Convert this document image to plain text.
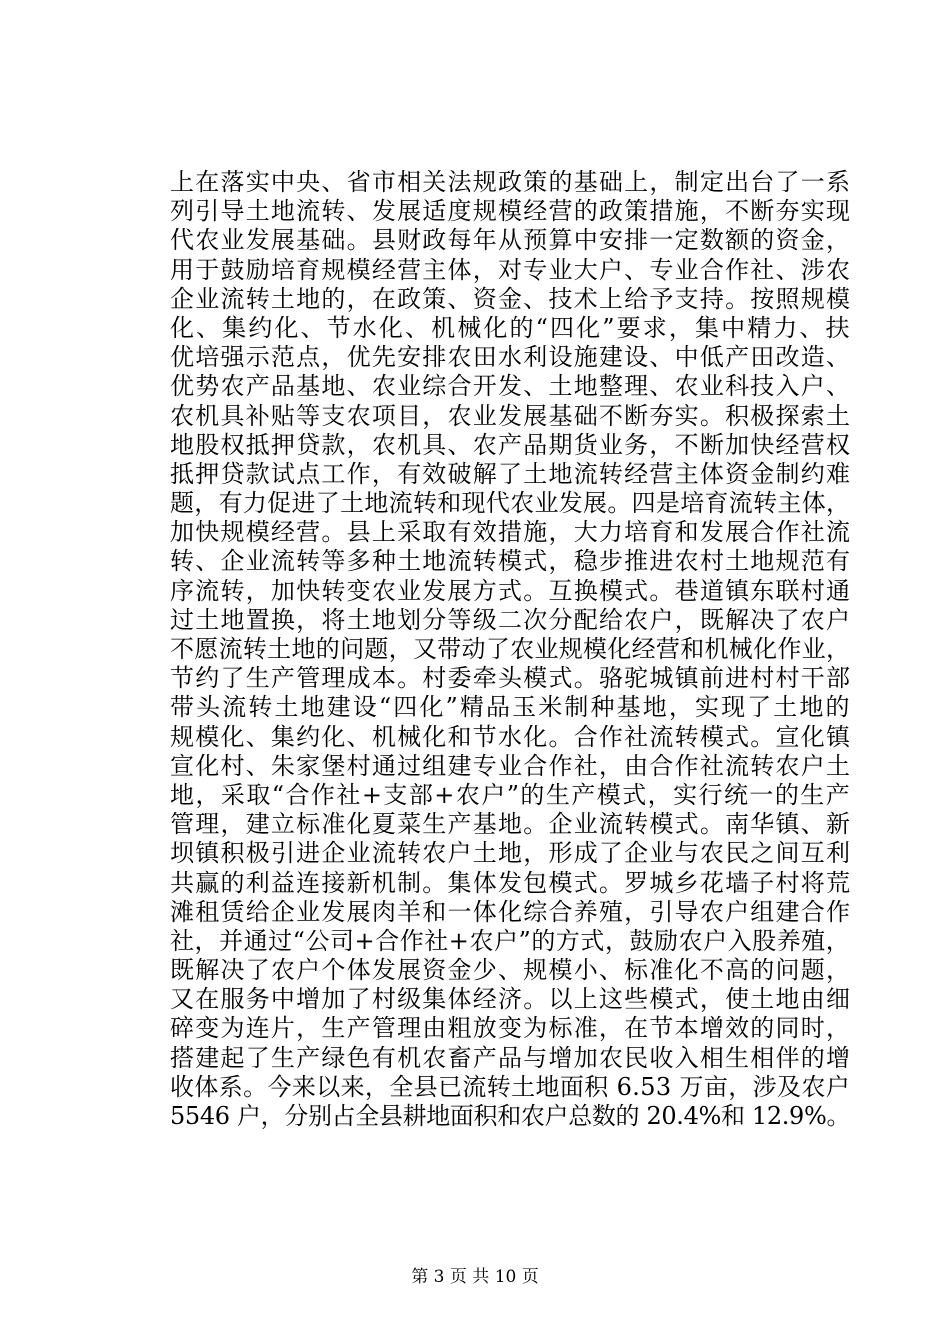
上在落实中央、省市相关法规政策的基础上，制定出台了一系
列引导土地流转、发展适度规模经营的政策措施，不断夯实现
代农业发展基础。县财政每年从预算中安排一定数额的资金，
用于鼓励培育规模经营主体，对专业大户、专业合作社、涉农
企业流转土地的，在政策、资金、技术上给予支持。按照规模
化、集约化、节水化、机械化的“四化”要求，集中精力、扶
优培强示范点，优先安排农田水利设施建设、中低产田改造、
优势农产品基地、农业综合开发、土地整理、农业科技入户、
农机具补贴等支农项目，农业发展基础不断夯实。积极探索土
地股权抵押贷款，农机具、农产品期货业务，不断加快经营权
抵押贷款试点工作，有效破解了土地流转经营主体资金制约难
题，有力促进了土地流转和现代农业发展。四是培育流转主体，
加快规模经营。县上采取有效措施，大力培育和发展合作社流
转、企业流转等多种土地流转模式，稳步推进农村土地规范有
序流转，加快转变农业发展方式。互换模式。巷道镇东联村通
过土地置换，将土地划分等级二次分配给农户，既解决了农户
不愿流转土地的问题，又带动了农业规模化经营和机械化作业，
节约了生产管理成本。村委牵头模式。骆驼城镇前进村村干部
带头流转土地建设“四化”精品玉米制种基地，实现了土地的
规模化、集约化、机械化和节水化。合作社流转模式。宣化镇
宣化村、朱家堡村通过组建专业合作社，由合作社流转农户土
地，采取“合作社+支部+农户”的生产模式，实行统一的生产
管理，建立标准化夏菜生产基地。企业流转模式。南华镇、新
坝镇积极引进企业流转农户土地，形成了企业与农民之间互利
共赢的利益连接新机制。集体发包模式。罗城乡花墙子村将荒
滩租赁给企业发展肉羊和一体化综合养殖，引导农户组建合作
社，并通过“公司+合作社+农户”的方式，鼓励农户入股养殖，
既解决了农户个体发展资金少、规模小、标准化不高的问题，
又在服务中增加了村级集体经济。以上这些模式，使土地由细
碎变为连片，生产管理由粗放变为标准，在节本增效的同时，
搭建起了生产绿色有机农畜产品与增加农民收入相生相伴的增
收体系。今来以来，全县已流转土地面积 6.53 万亩，涉及农户
5546 户，分别占全县耕地面积和农户总数的 20.4%和 12.9%。
第 3 页 共 10 页
